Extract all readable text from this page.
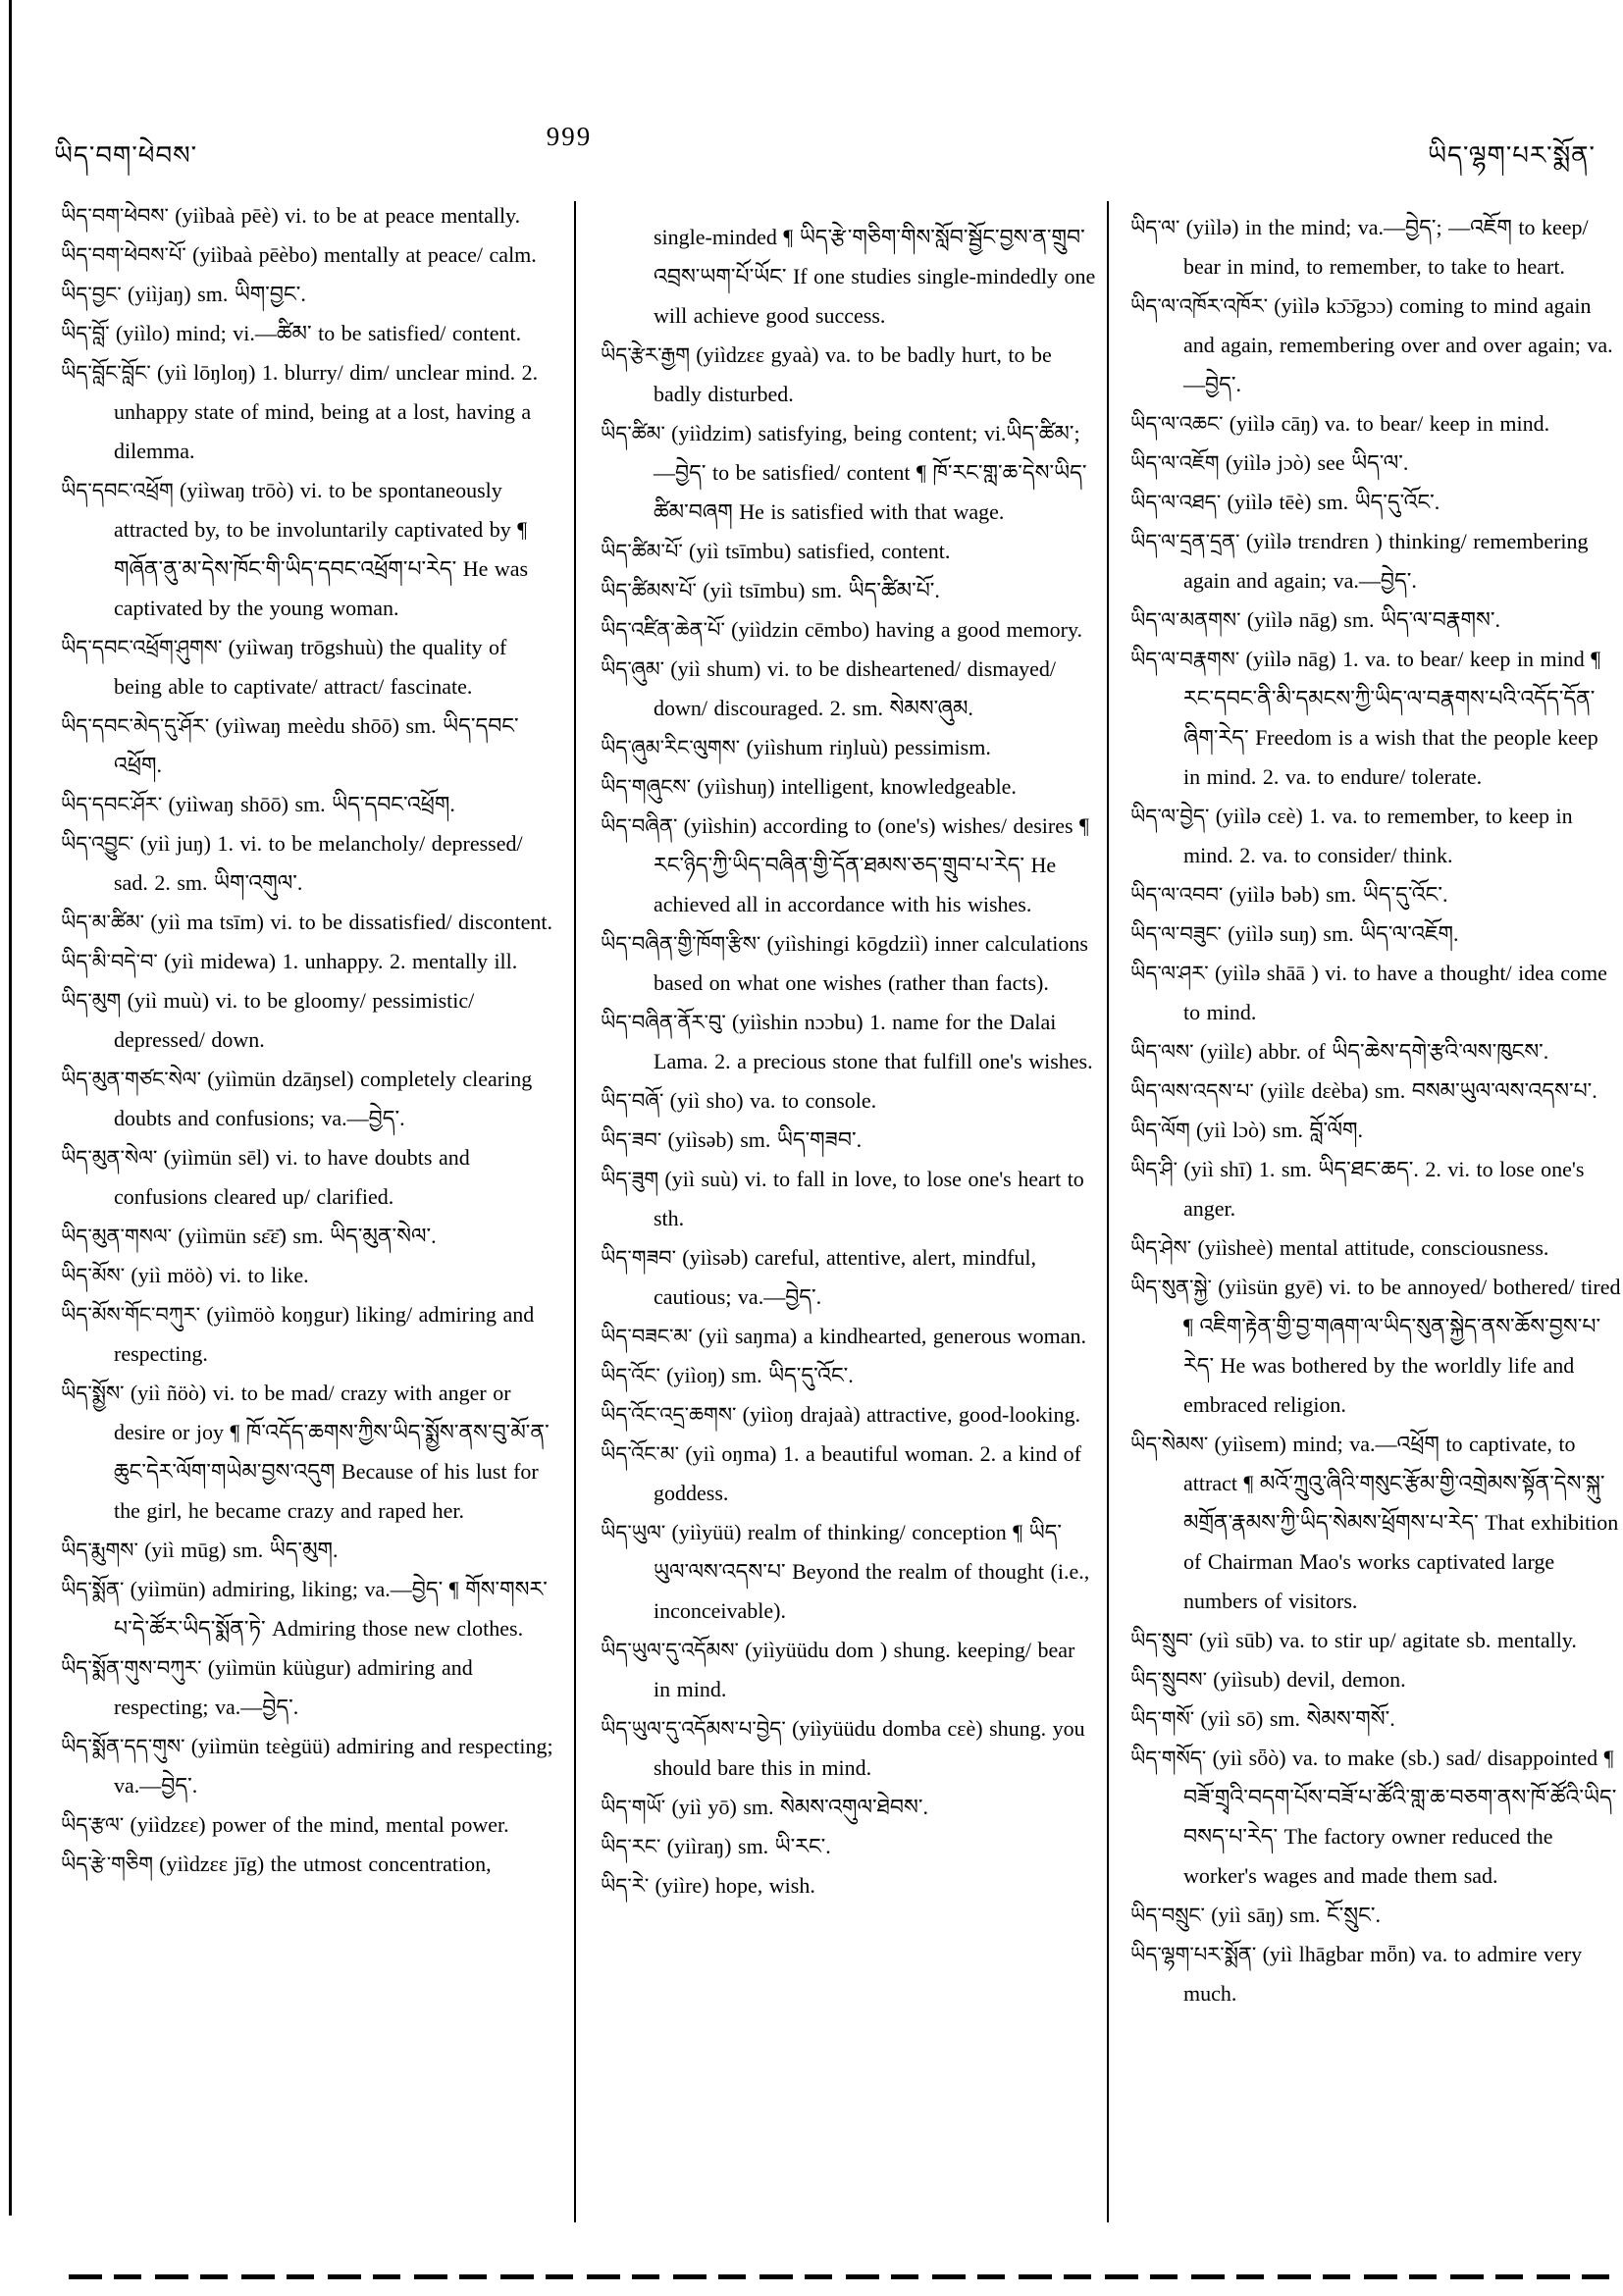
ཡིད་བག་ཕེབས་
999
ཡིད་ལྷག་པར་སྨོན་

ཡིད་བག་ཕེབས་ (yiìbaà pēè) vi. to be at peace mentally.

ཡིད་བག་ཕེབས་པོ་ (yiìbaà pēèbo) mentally at peace/ calm.

ཡིད་བྱང་ (yiìjaŋ) sm. ཡིག་བྱང་.

ཡིད་བློ་ (yiìlo) mind; vi.—ཚིམ་ to be satisfied/ content.

ཡིད་བློང་བློང་ (yiì lōŋloŋ) 1. blurry/ dim/ unclear mind. 2. unhappy state of mind, being at a lost, having a dilemma.

ཡིད་དབང་འཕྲོག (yiìwaŋ trōò) vi. to be spontaneously attracted by, to be involuntarily captivated by ¶ གཞོན་ནུ་མ་དེས་ཁོང་གི་ཡིད་དབང་འཕྲོག་པ་རེད་ He was captivated by the young woman.

ཡིད་དབང་འཕྲོག་ཤུགས་ (yiìwaŋ trōgshuù) the quality of being able to captivate/ attract/ fascinate.

ཡིད་དབང་མེད་དུ་ཤོར་ (yiìwaŋ meèdu shōō) sm. ཡིད་དབང་འཕྲོག.

ཡིད་དབང་ཤོར་ (yiìwaŋ shōō) sm. ཡིད་དབང་འཕྲོག.

ཡིད་འབྱུང་ (yiì juŋ) 1. vi. to be melancholy/ depressed/ sad. 2. sm. ཡིག་འགུལ་.

ཡིད་མ་ཚིམ་ (yiì ma tsīm) vi. to be dissatisfied/ discontent.

ཡིད་མི་བདེ་བ་ (yiì midewa) 1. unhappy. 2. mentally ill.

ཡིད་མུག (yiì muù) vi. to be gloomy/ pessimistic/ depressed/ down.

ཡིད་མུན་གཙང་སེལ་ (yiìmün dzāŋsel) completely clearing doubts and confusions; va.—བྱེད་.

ཡིད་མུན་སེལ་ (yiìmün sēl) vi. to have doubts and confusions cleared up/ clarified.

ཡིད་མུན་གསལ་ (yiìmün sɛ̄ɛ̄) sm. ཡིད་མུན་སེལ་.

ཡིད་མོས་ (yiì möò) vi. to like.

ཡིད་མོས་གོང་བཀུར་ (yiìmöò koŋgur) liking/ admiring and respecting.

ཡིད་སྨྱོས་ (yiì ñöò) vi. to be mad/ crazy with anger or desire or joy ¶ ཁོ་འདོད་ཆགས་ཀྱིས་ཡིད་སྨྱོས་ནས་བུ་མོ་ན་ཆུང་དེར་ལོག་གཡེམ་བྱས་འདུག Because of his lust for the girl, he became crazy and raped her.

ཡིད་རྨུགས་ (yiì mūg) sm. ཡིད་མུག.

ཡིད་སྨོན་ (yiìmün) admiring, liking; va.—བྱེད་ ¶ གོས་གསར་པ་དེ་ཚོར་ཡིད་སྨོན་ཏེ་ Admiring those new clothes.

ཡིད་སྨོན་གུས་བཀུར་ (yiìmün küùgur) admiring and respecting; va.—བྱེད་.

ཡིད་སྨོན་དད་གུས་ (yiìmün tɛègüü) admiring and respecting; va.—བྱེད་.

ཡིད་རྩལ་ (yiìdzɛɛ) power of the mind, mental power.

ཡིད་རྩེ་གཅིག (yiìdzɛɛ jīg) the utmost concentration,

single-minded ¶ ཡིད་རྩེ་གཅིག་གིས་སློབ་སྦྱོང་བྱས་ན་གྲུབ་འབྲས་ཡག་པོ་ཡོང་ If one studies single-mindedly one will achieve good success.

ཡིད་རྩེར་རྒྱག (yiìdzɛɛ gyaà) va. to be badly hurt, to be badly disturbed.

ཡིད་ཚིམ་ (yiìdzim) satisfying, being content; vi.ཡིད་ཚིམ་; —བྱེད་ to be satisfied/ content ¶ ཁོ་རང་གླ་ཆ་དེས་ཡིད་ཚིམ་བཞག He is satisfied with that wage.

ཡིད་ཚིམ་པོ་ (yiì tsīmbu) satisfied, content.

ཡིད་ཚིམས་པོ་ (yiì tsīmbu) sm. ཡིད་ཚིམ་པོ་.

ཡིད་འཛིན་ཆེན་པོ་ (yiìdzin cēmbo) having a good memory.

ཡིད་ཞུམ་ (yiì shum) vi. to be disheartened/ dismayed/ down/ discouraged. 2. sm. སེམས་ཞུམ.

ཡིད་ཞུམ་རིང་ལུགས་ (yiìshum riŋluù) pessimism.

ཡིད་གཞུངས་ (yiìshuŋ) intelligent, knowledgeable.

ཡིད་བཞིན་ (yiìshin) according to (one's) wishes/ desires ¶ རང་ཉིད་ཀྱི་ཡིད་བཞིན་གྱི་དོན་ཐམས་ཅད་གྲུབ་པ་རེད་ He achieved all in accordance with his wishes.

ཡིད་བཞིན་གྱི་ཁོག་རྩིས་ (yiìshingi kōgdziì) inner calculations based on what one wishes (rather than facts).

ཡིད་བཞིན་ནོར་བུ་ (yiìshin nɔɔbu) 1. name for the Dalai Lama. 2. a precious stone that fulfill one's wishes.

ཡིད་བཞོ་ (yiì sho) va. to console.

ཡིད་ཟབ་ (yiìsəb) sm. ཡིད་གཟབ་.

ཡིད་ཟུག (yiì suù) vi. to fall in love, to lose one's heart to sth.

ཡིད་གཟབ་ (yiìsəb) careful, attentive, alert, mindful, cautious; va.—བྱེད་.

ཡིད་བཟང་མ་ (yiì saŋma) a kindhearted, generous woman.

ཡིད་འོང་ (yiìoŋ) sm. ཡིད་དུ་འོང་.

ཡིད་འོང་འདྲ་ཆགས་ (yiìoŋ drajaà) attractive, good-looking.

ཡིད་འོང་མ་ (yiì oŋma) 1. a beautiful woman. 2. a kind of goddess.

ཡིད་ཡུལ་ (yiìyüü) realm of thinking/ conception ¶ ཡིད་ཡུལ་ལས་འདས་པ་ Beyond the realm of thought (i.e., inconceivable).

ཡིད་ཡུལ་དུ་འདོམས་ (yiìyüüdu dom ) shung. keeping/ bear in mind.

ཡིད་ཡུལ་དུ་འདོམས་པ་བྱེད་ (yiìyüüdu domba cɛè) shung. you should bare this in mind.

ཡིད་གཡོ་ (yiì yō) sm. སེམས་འགུལ་ཐེབས་.

ཡིད་རང་ (yiìraŋ) sm. ཡི་རང་.

ཡིད་རེ་ (yiìre) hope, wish.

ཡིད་ལ་ (yiìlə) in the mind; va.—བྱེད་; —འཇོག to keep/ bear in mind, to remember, to take to heart.

ཡིད་ལ་འཁོར་འཁོར་ (yiìlə kɔ̄ɔ̄gɔɔ) coming to mind again and again, remembering over and over again; va.—བྱེད་.

ཡིད་ལ་འཆང་ (yiìlə cāŋ) va. to bear/ keep in mind.

ཡིད་ལ་འཇོག (yiìlə jɔò) see ཡིད་ལ་.

ཡིད་ལ་འཐད་ (yiìlə tēè) sm. ཡིད་དུ་འོང་.

ཡིད་ལ་དྲན་དྲན་ (yiìlə trɛndrɛn ) thinking/ remembering again and again; va.—བྱེད་.

ཡིད་ལ་མནགས་ (yiìlə nāg) sm. ཡིད་ལ་བརྣགས་.

ཡིད་ལ་བརྣགས་ (yiìlə nāg) 1. va. to bear/ keep in mind ¶ རང་དབང་ནི་མི་དམངས་ཀྱི་ཡིད་ལ་བརྣགས་པའི་འདོད་དོན་ཞིག་རེད་ Freedom is a wish that the people keep in mind. 2. va. to endure/ tolerate.

ཡིད་ལ་བྱེད་ (yiìlə cɛè) 1. va. to remember, to keep in mind. 2. va. to consider/ think.

ཡིད་ལ་འབབ་ (yiìlə bəb) sm. ཡིད་དུ་འོང་.

ཡིད་ལ་བཟུང་ (yiìlə suŋ) sm. ཡིད་ལ་འཇོག.

ཡིད་ལ་ཤར་ (yiìlə shāā ) vi. to have a thought/ idea come to mind.

ཡིད་ལས་ (yiìlɛ) abbr. of ཡིད་ཆེས་དགེ་རྩའི་ལས་ཁུངས་.

ཡིད་ལས་འདས་པ་ (yiìlɛ dɛèba) sm. བསམ་ཡུལ་ལས་འདས་པ་.

ཡིད་ལོག (yiì lɔò) sm. བློ་ལོག.

ཡིད་ཤི་ (yiì shī) 1. sm. ཡིད་ཐང་ཆད་. 2. vi. to lose one's anger.

ཡིད་ཤེས་ (yiìsheè) mental attitude, consciousness.

ཡིད་སུན་སྐྱེ་ (yiìsün gyē) vi. to be annoyed/ bothered/ tired ¶ འཇིག་རྟེན་གྱི་བྱ་གཞག་ལ་ཡིད་སུན་སྐྱེད་ནས་ཆོས་བྱས་པ་རེད་ He was bothered by the worldly life and embraced religion.

ཡིད་སེམས་ (yiìsem) mind; va.—འཕྲོག to captivate, to attract ¶ མའོ་ཀྲུའུ་ཞིའི་གསུང་རྩོམ་གྱི་འགྲེམས་སྟོན་དེས་སྐུ་མགྲོན་རྣམས་ཀྱི་ཡིད་སེམས་ཕྲོགས་པ་རེད་ That exhibition of Chairman Mao's works captivated large numbers of visitors.

ཡིད་སྲུབ་ (yiì sūb) va. to stir up/ agitate sb. mentally.

ཡིད་སྲུབས་ (yiìsub) devil, demon.

ཡིད་གསོ་ (yiì sō) sm. སེམས་གསོ་.

ཡིད་གསོད་ (yiì sȫò) va. to make (sb.) sad/ disappointed ¶ བཟོ་གྲྭའི་བདག་པོས་བཟོ་པ་ཚོའི་གླ་ཆ་བཅག་ནས་ཁོ་ཚོའི་ཡིད་བསད་པ་རེད་ The factory owner reduced the worker's wages and made them sad.

ཡིད་བསྲུང་ (yiì sāŋ) sm. ངོ་སྲུང་.

ཡིད་ལྷག་པར་སྨོན་ (yiì lhāgbar mȫn) va. to admire very much.
